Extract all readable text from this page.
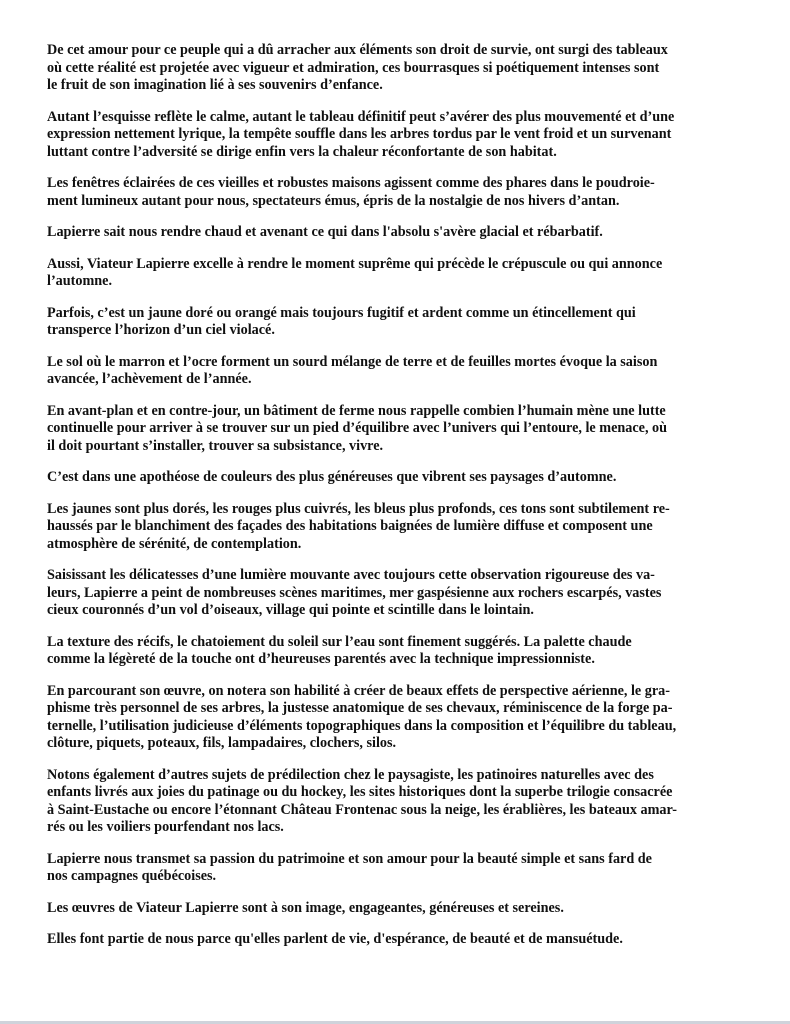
De cet amour pour ce peuple qui a dû arracher aux éléments son droit de survie, ont surgi des tableaux
où cette réalité est projetée avec vigueur et admiration, ces bourrasques si poétiquement intenses sont
le fruit de son imagination lié à ses souvenirs d’enfance.

Autant l’esquisse reflète le calme, autant le tableau définitif peut s’avérer des plus mouvementé et d’une
expression nettement lyrique, la tempête souffle dans les arbres tordus par le vent froid et un survenant
luttant contre l’adversité se dirige enfin vers la chaleur réconfortante de son habitat.

Les fenêtres éclairées de ces vieilles et robustes maisons agissent comme des phares dans le poudroie-
ment lumineux autant pour nous, spectateurs émus, épris de la nostalgie de nos hivers d’antan.

Lapierre sait nous rendre chaud et avenant ce qui dans l'absolu s'avère glacial et rébarbatif.

Aussi, Viateur Lapierre excelle à rendre le moment suprême qui précède le crépuscule ou qui annonce
l’automne.

Parfois, c’est un jaune doré ou orangé mais toujours fugitif et ardent comme un étincellement qui
transperce l’horizon d’un ciel violacé.

Le sol où le marron et l’ocre forment un sourd mélange de terre et de feuilles mortes évoque la saison
avancée, l’achèvement de l’année.

En avant-plan et en contre-jour, un bâtiment de ferme nous rappelle combien l’humain mène une lutte
continuelle pour arriver à se trouver sur un pied d’équilibre avec l’univers qui l’entoure, le menace, où
il doit pourtant s’installer, trouver sa subsistance, vivre.

C’est dans une apothéose de couleurs des plus généreuses que vibrent ses paysages d’automne.

Les jaunes sont plus dorés, les rouges plus cuivrés, les bleus plus profonds, ces tons sont subtilement re-
haussés par le blanchiment des façades des habitations baignées de lumière diffuse et composent une
atmosphère de sérénité, de contemplation.

Saisissant les délicatesses d’une lumière mouvante avec toujours cette observation rigoureuse des va-
leurs, Lapierre a peint de nombreuses scènes maritimes, mer gaspésienne aux rochers escarpés, vastes
cieux couronnés d’un vol d’oiseaux, village qui pointe et scintille dans le lointain.

La texture des récifs, le chatoiement du soleil sur l’eau sont finement suggérés. La palette chaude
comme la légèreté de la touche ont d’heureuses parentés avec la technique impressionniste.

En parcourant son œuvre, on notera son habilité à créer de beaux effets de perspective aérienne, le gra-
phisme très personnel de ses arbres, la justesse anatomique de ses chevaux, réminiscence de la forge pa-
ternelle, l’utilisation judicieuse d’éléments topographiques dans la composition et l’équilibre du tableau,
clôture, piquets, poteaux, fils, lampadaires, clochers, silos.

Notons également d’autres sujets de prédilection chez le paysagiste, les patinoires naturelles avec des
enfants livrés aux joies du patinage ou du hockey, les sites historiques dont la superbe trilogie consacrée
à Saint-Eustache ou encore l’étonnant Château Frontenac sous la neige, les érablières, les bateaux amar-
rés ou les voiliers pourfendant nos lacs.

Lapierre nous transmet sa passion du patrimoine et son amour pour la beauté simple et sans fard de
nos campagnes québécoises.

Les œuvres de Viateur Lapierre sont à son image, engageantes, généreuses et sereines.

Elles font partie de nous parce qu'elles parlent de vie, d'espérance, de beauté et de mansuétude.
